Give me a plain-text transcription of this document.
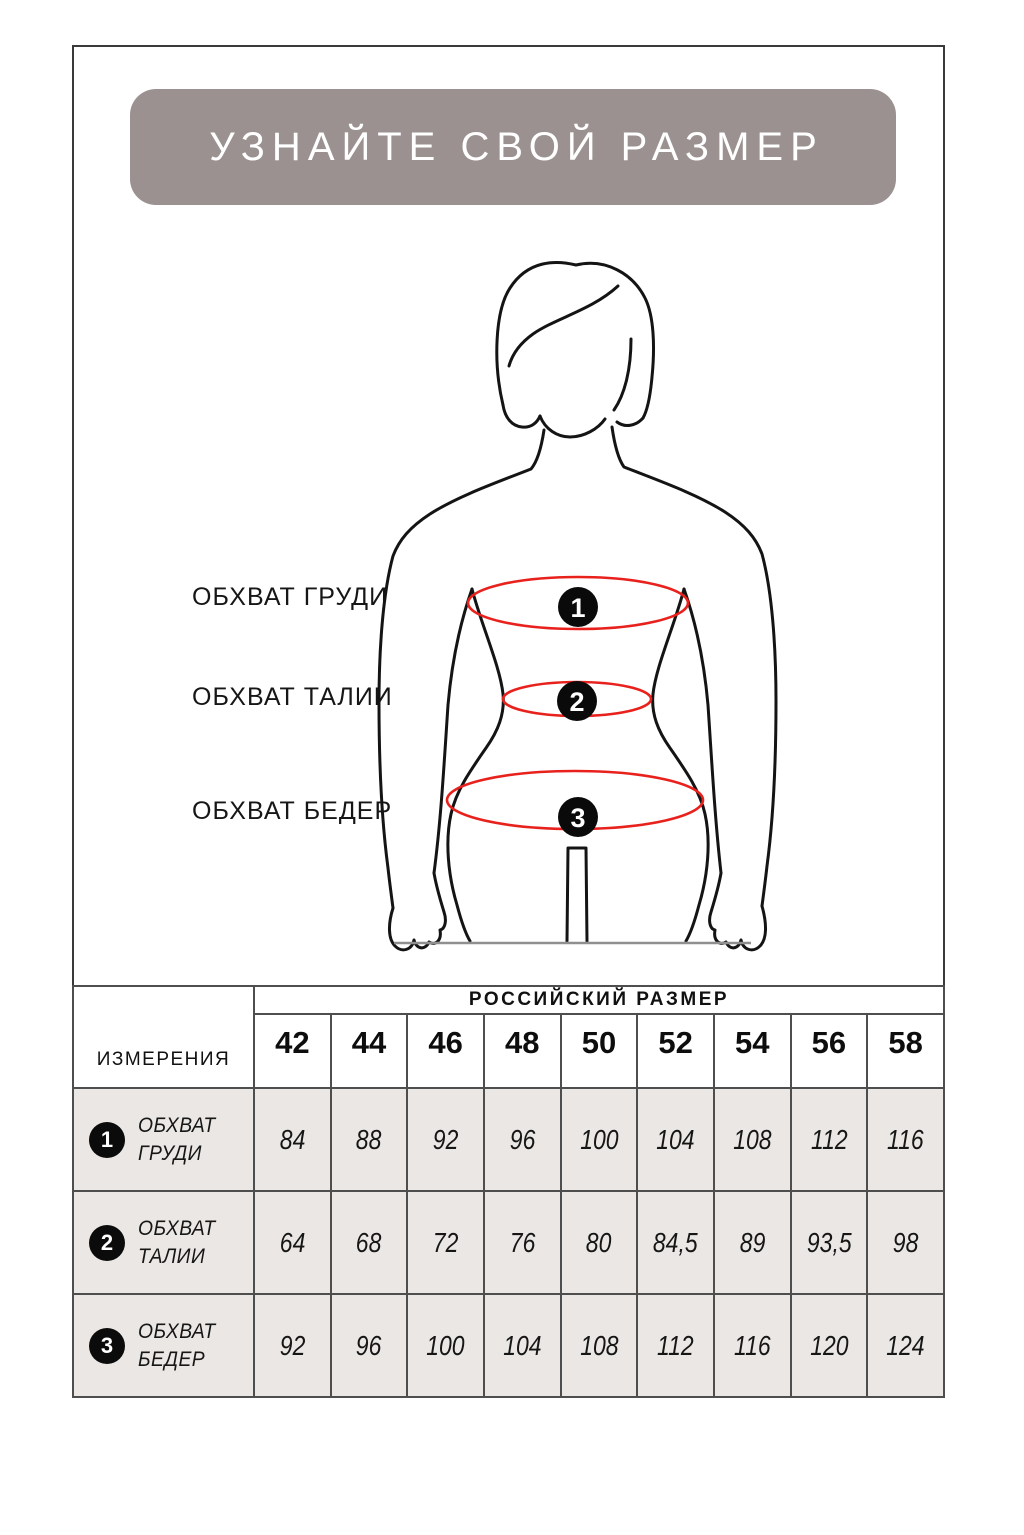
УЗНАЙТЕ СВОЙ РАЗМЕР
ОБХВАТ ГРУДИ
ОБХВАТ ТАЛИИ
ОБХВАТ БЕДЕР
1
2
3
ИЗМЕРЕНИЯ	РОССИЙСКИЙ РАЗМЕР								
	42	44	46	48	50	52	54	56	58

1
ОБХВАТ
ГРУДИ	84	88	92	96	100	104	108	112	116

2
ОБХВАТ
ТАЛИИ	64	68	72	76	80	84,5	89	93,5	98

3
ОБХВАТ
БЕДЕР	92	96	100	104	108	112	116	120	124
